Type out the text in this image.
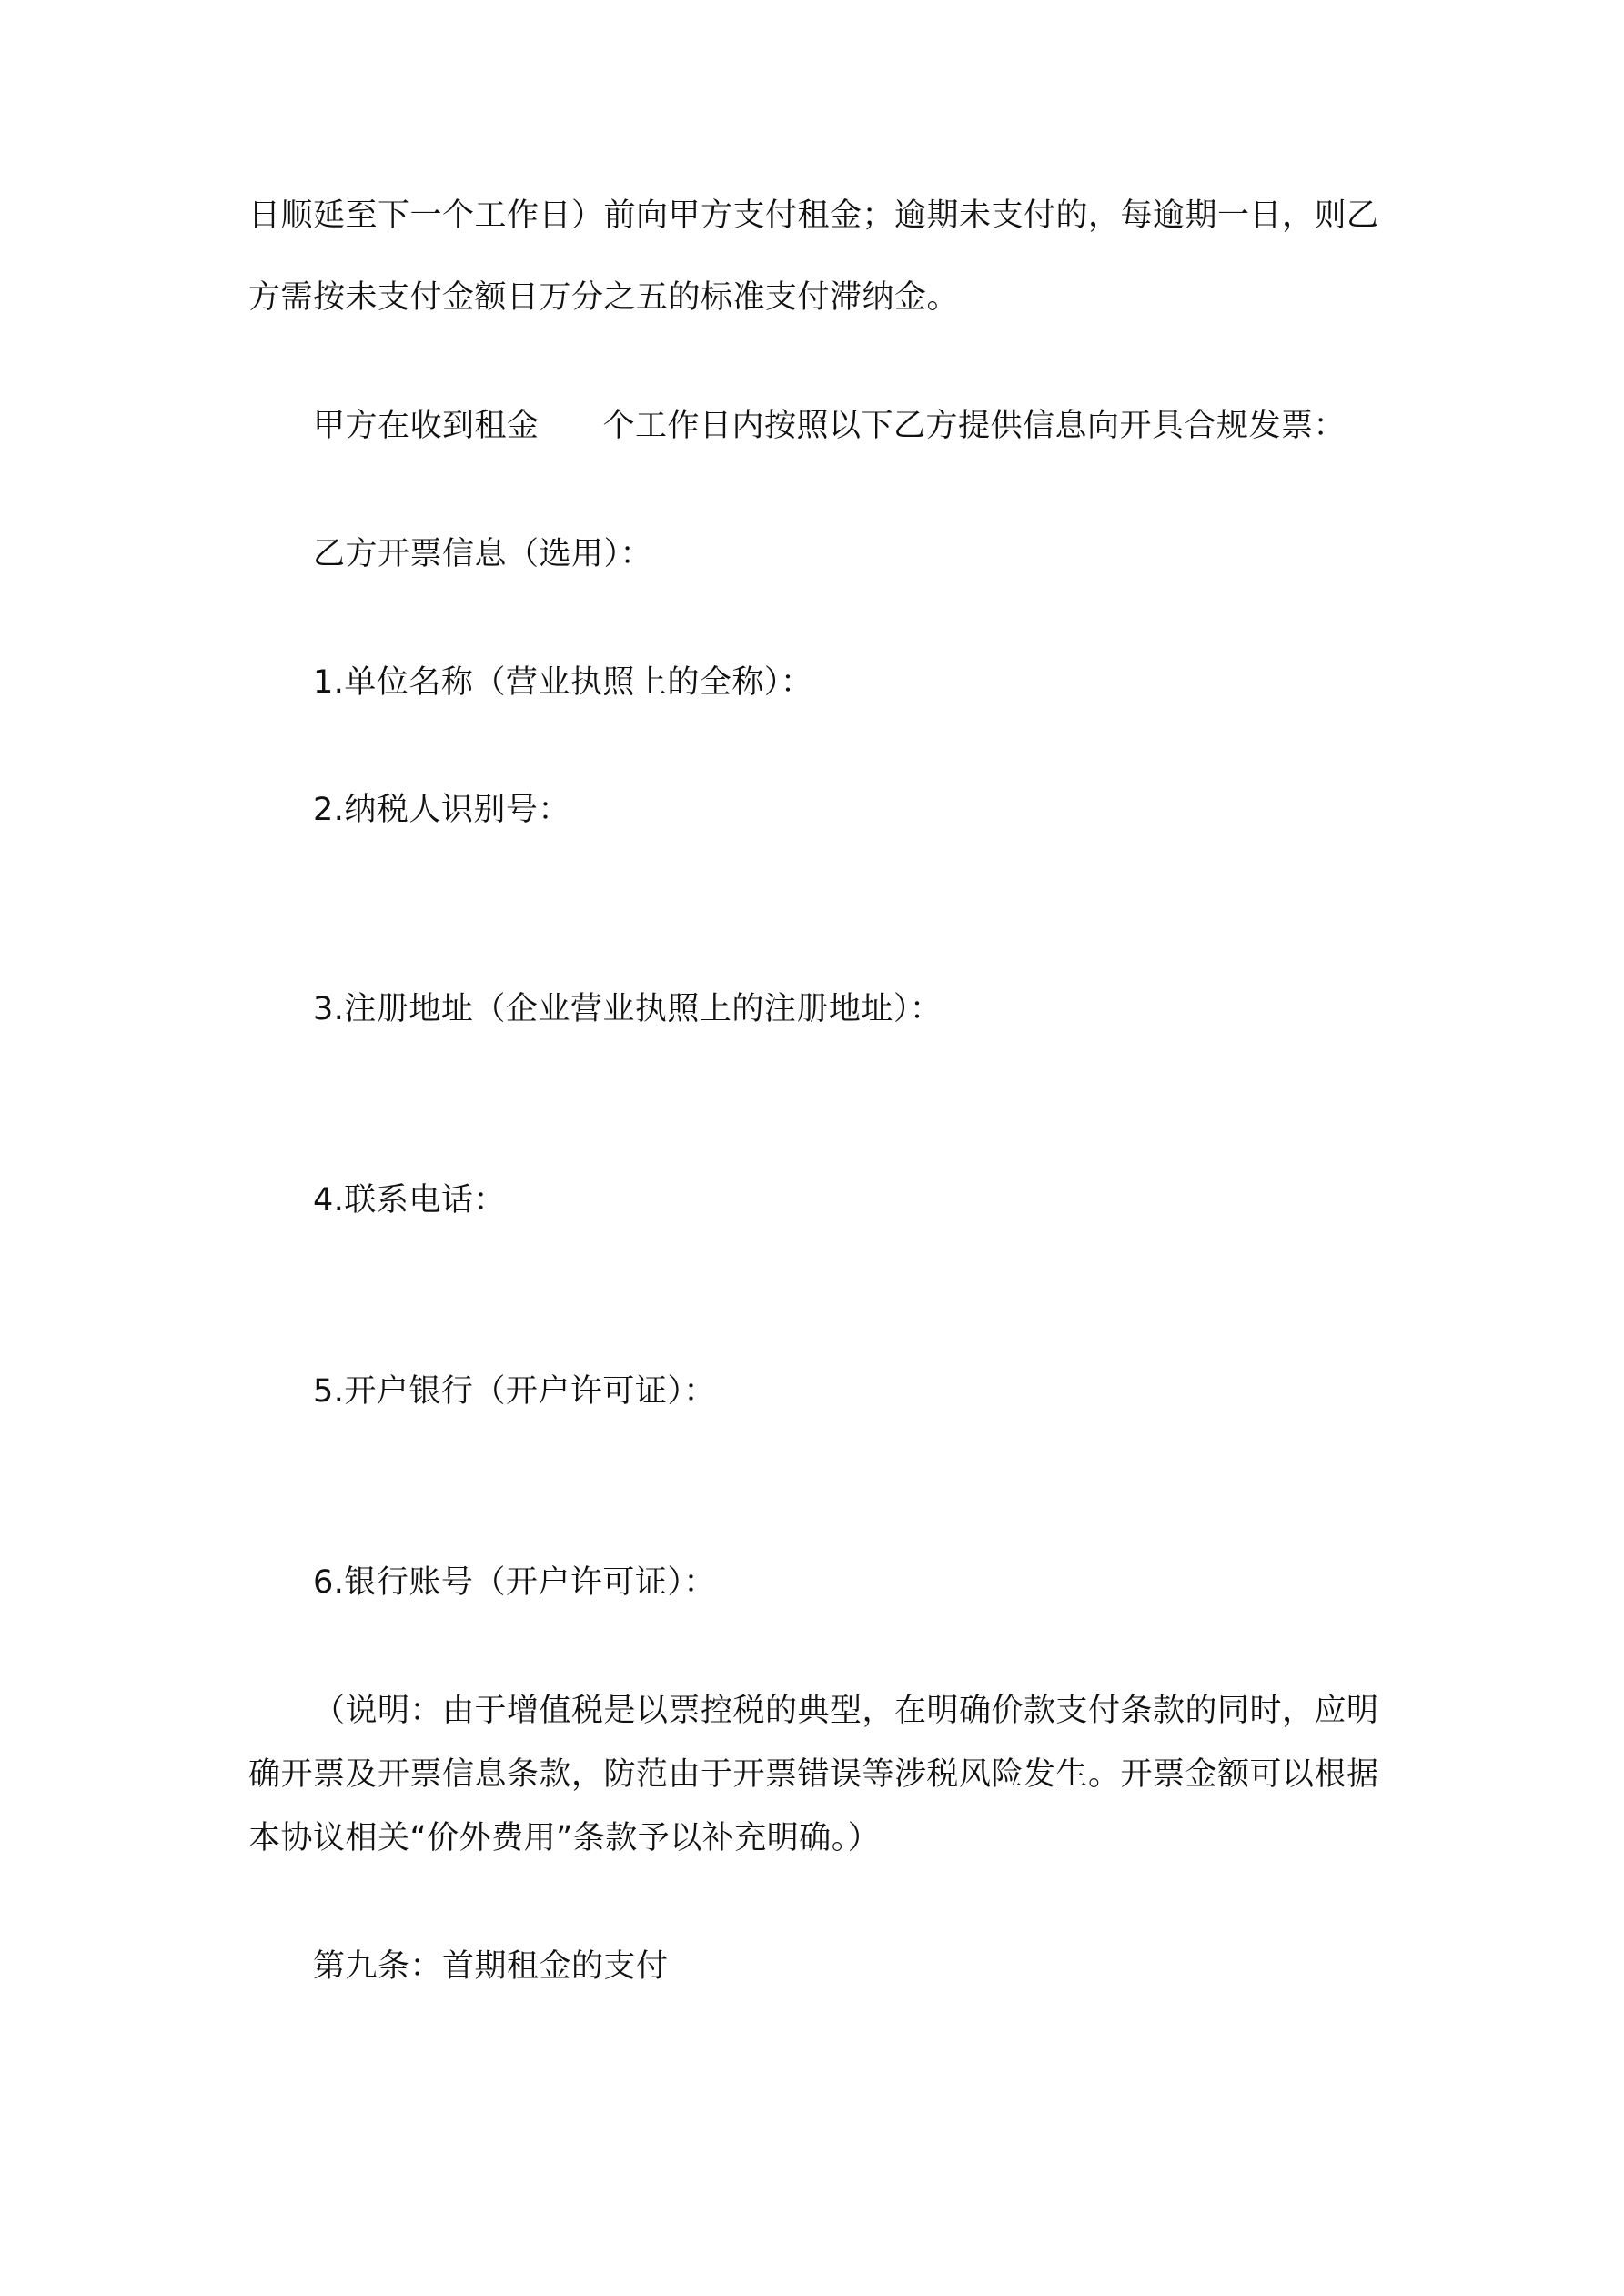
日顺延至下一个工作日）前向甲方支付租金；逾期未支付的，每逾期一日，则乙
方需按未支付金额日万分之五的标准支付滞纳金。
甲方在收到租金 个工作日内按照以下乙方提供信息向开具合规发票：
乙方开票信息（选用）：
1.单位名称（营业执照上的全称）：
2.纳税人识别号：
3.注册地址（企业营业执照上的注册地址）：
4.联系电话：
5.开户银行（开户许可证）：
6.银行账号（开户许可证）：
（说明：由于增值税是以票控税的典型，在明确价款支付条款的同时，应明
确开票及开票信息条款，防范由于开票错误等涉税风险发生。开票金额可以根据
本协议相关“价外费用”条款予以补充明确。）
第九条：首期租金的支付
